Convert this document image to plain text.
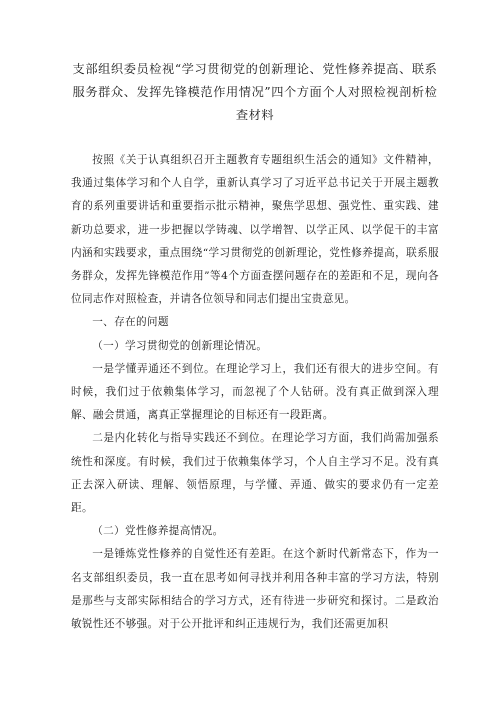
支部组织委员检视“学习贯彻党的创新理论、党性修养提高、联系
服务群众、发挥先锋模范作用情况”四个方面个人对照检视剖析检
查材料

按照《关于认真组织召开主题教育专题组织生活会的通知》文件精神，我通过集体学习和个人自学，重新认真学习了习近平总书记关于开展主题教育的系列重要讲话和重要指示批示精神，聚焦学思想、强党性、重实践、建新功总要求，进一步把握以学铸魂、以学增智、以学正风、以学促干的丰富内涵和实践要求，重点围绕“学习贯彻党的创新理论，党性修养提高，联系服务群众，发挥先锋模范作用”等4个方面查摆问题存在的差距和不足，现向各位同志作对照检查，并请各位领导和同志们提出宝贵意见。

一、存在的问题

（一）学习贯彻党的创新理论情况。

一是学懂弄通还不到位。在理论学习上，我们还有很大的进步空间。有时候，我们过于依赖集体学习，而忽视了个人钻研。没有真正做到深入理解、融会贯通，离真正掌握理论的目标还有一段距离。

二是内化转化与指导实践还不到位。在理论学习方面，我们尚需加强系统性和深度。有时候，我们过于依赖集体学习，个人自主学习不足。没有真正去深入研读、理解、领悟原理，与学懂、弄通、做实的要求仍有一定差距。

（二）党性修养提高情况。

一是锤炼党性修养的自觉性还有差距。在这个新时代新常态下，作为一名支部组织委员，我一直在思考如何寻找并利用各种丰富的学习方法，特别是那些与支部实际相结合的学习方式，还有待进一步研究和探讨。二是政治敏锐性还不够强。对于公开批评和纠正违规行为，我们还需更加积
